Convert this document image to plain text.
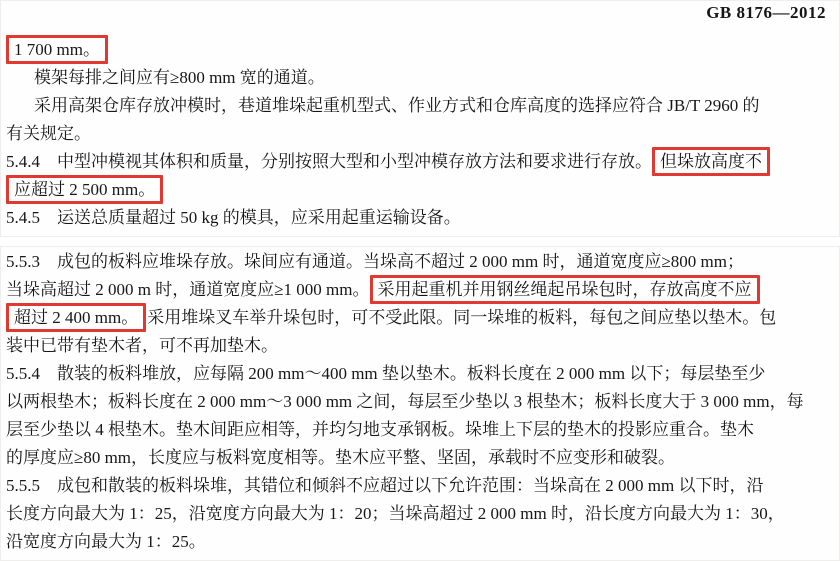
GB 8176—2012
1 700 mm。
模架每排之间应有≥800 mm 宽的通道。
采用高架仓库存放冲模时，巷道堆垛起重机型式、作业方式和仓库高度的选择应符合 JB/T 2960 的
有关规定。
5.4.4　中型冲模视其体积和质量，分别按照大型和小型冲模存放方法和要求进行存放。 但垛放高度不
应超过 2 500 mm。
5.4.5　运送总质量超过 50 kg 的模具，应采用起重运输设备。
5.5.3　成包的板料应堆垛存放。垛间应有通道。当垛高不超过 2 000 mm 时，通道宽度应≥800 mm；
当垛高超过 2 000 m 时，通道宽度应≥1 000 mm。 采用起重机并用钢丝绳起吊垛包时，存放高度不应
超过 2 400 mm。 采用堆垛叉车举升垛包时，可不受此限。同一垛堆的板料，每包之间应垫以垫木。包
装中已带有垫木者，可不再加垫木。
5.5.4　散装的板料堆放，应每隔 200 mm～400 mm 垫以垫木。板料长度在 2 000 mm 以下；每层垫至少
以两根垫木；板料长度在 2 000 mm～3 000 mm 之间，每层至少垫以 3 根垫木；板料长度大于 3 000 mm，每
层至少垫以 4 根垫木。垫木间距应相等，并均匀地支承钢板。垛堆上下层的垫木的投影应重合。垫木
的厚度应≥80 mm，长度应与板料宽度相等。垫木应平整、坚固，承载时不应变形和破裂。
5.5.5　成包和散装的板料垛堆，其错位和倾斜不应超过以下允许范围：当垛高在 2 000 mm 以下时，沿
长度方向最大为 1：25，沿宽度方向最大为 1：20；当垛高超过 2 000 mm 时，沿长度方向最大为 1：30，
沿宽度方向最大为 1：25。
